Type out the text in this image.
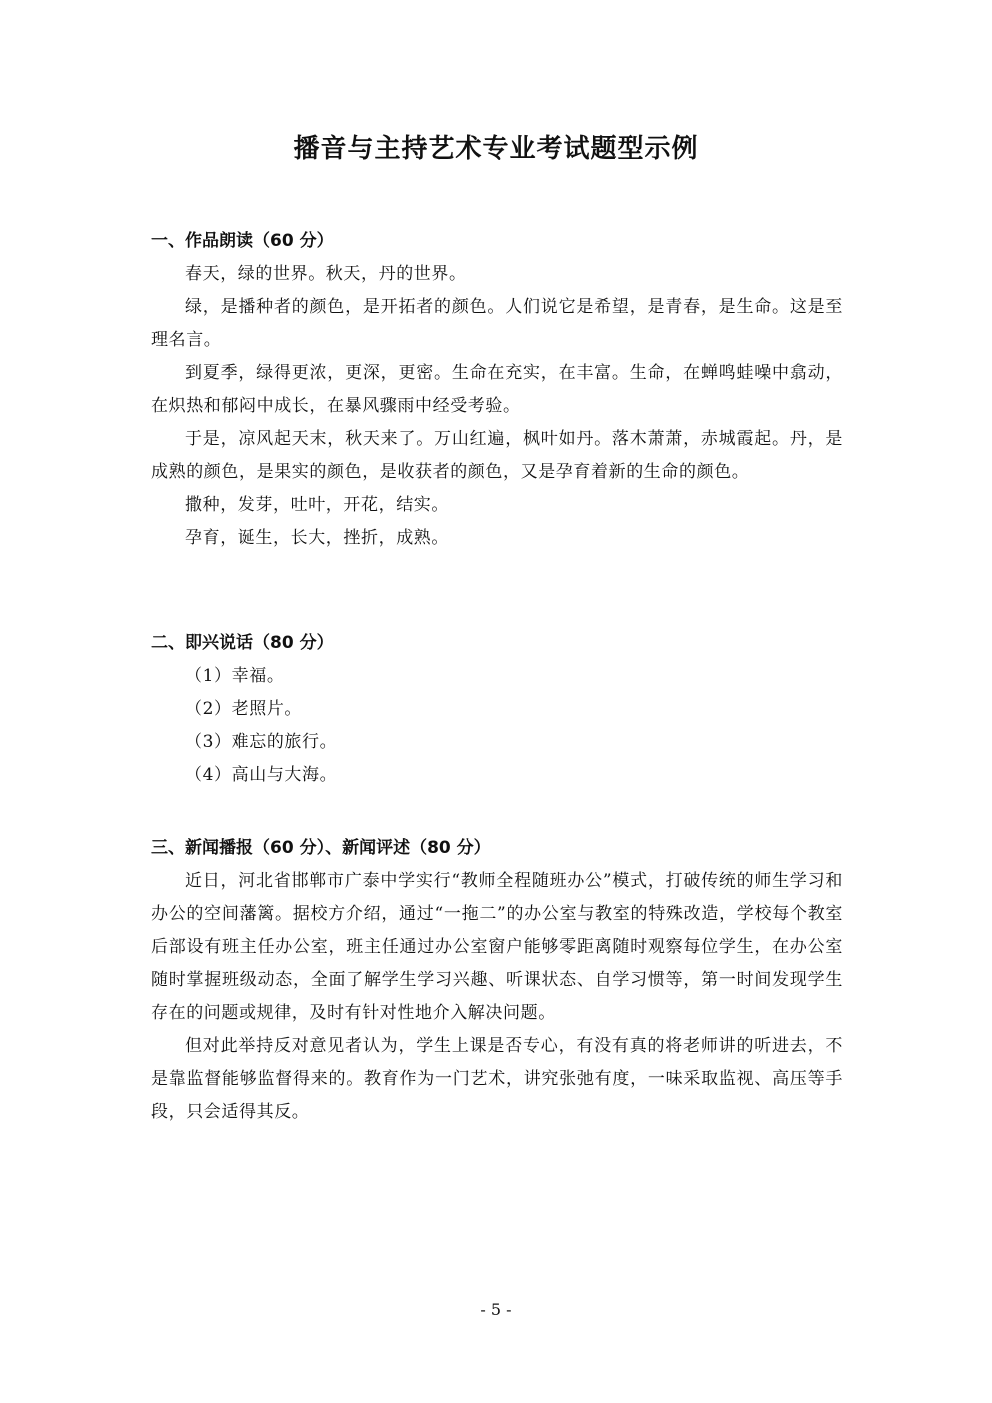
播音与主持艺术专业考试题型示例
一、作品朗读（60 分）

春天，绿的世界。秋天，丹的世界。

绿，是播种者的颜色，是开拓者的颜色。人们说它是希望，是青春，是生命。这是至理名言。

到夏季，绿得更浓，更深，更密。生命在充实，在丰富。生命，在蝉鸣蛙噪中翕动，在炽热和郁闷中成长，在暴风骤雨中经受考验。

于是，凉风起天末，秋天来了。万山红遍，枫叶如丹。落木萧萧，赤城霞起。丹，是成熟的颜色，是果实的颜色，是收获者的颜色，又是孕育着新的生命的颜色。

撒种，发芽，吐叶，开花，结实。

孕育，诞生，长大，挫折，成熟。

二、即兴说话（80 分）

（1）幸福。

（2）老照片。

（3）难忘的旅行。

（4）高山与大海。

三、新闻播报（60 分）、新闻评述（80 分）

近日，河北省邯郸市广泰中学实行“教师全程随班办公”模式，打破传统的师生学习和办公的空间藩篱。据校方介绍，通过“一拖二”的办公室与教室的特殊改造，学校每个教室后部设有班主任办公室，班主任通过办公室窗户能够零距离随时观察每位学生，在办公室随时掌握班级动态，全面了解学生学习兴趣、听课状态、自学习惯等，第一时间发现学生存在的问题或规律，及时有针对性地介入解决问题。

但对此举持反对意见者认为，学生上课是否专心，有没有真的将老师讲的听进去，不是靠监督能够监督得来的。教育作为一门艺术，讲究张弛有度，一味采取监视、高压等手段，只会适得其反。

- 5 -
